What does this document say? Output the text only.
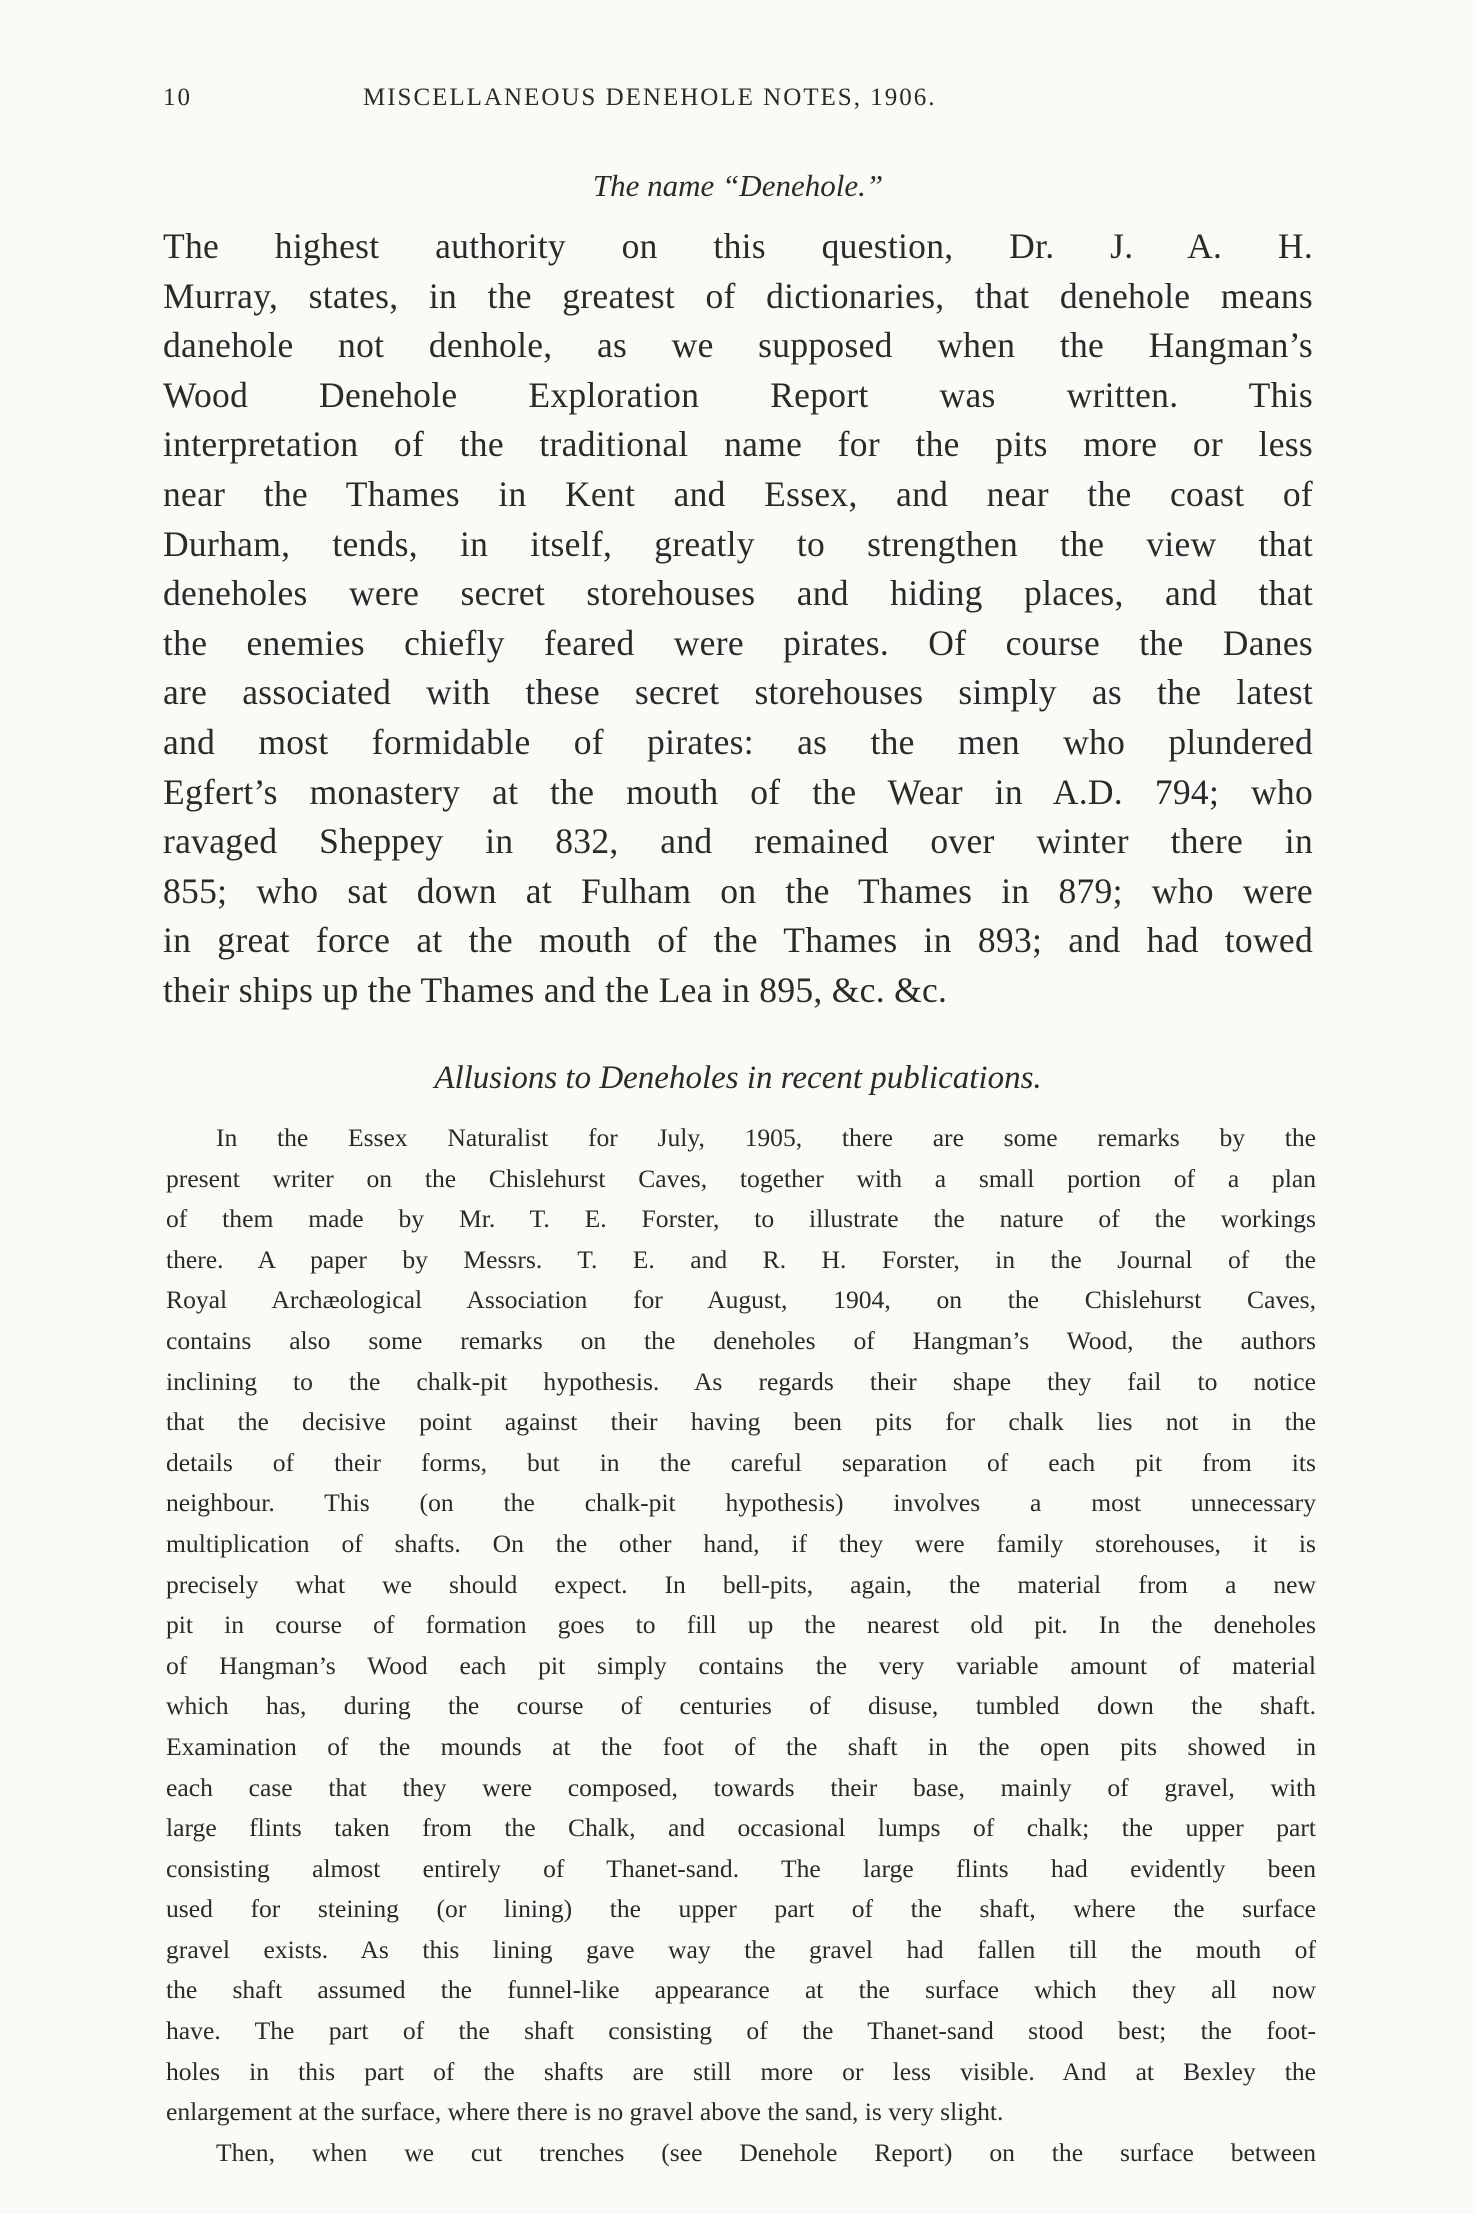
10	MISCELLANEOUS DENEHOLE NOTES, 1906.
The name “Denehole.”
The highest authority on this question, Dr. J. A. H.
Murray, states, in the greatest of dictionaries, that denehole means
danehole not denhole, as we supposed when the Hangman’s
Wood Denehole Exploration Report was written. This
interpretation of the traditional name for the pits more or less
near the Thames in Kent and Essex, and near the coast of
Durham, tends, in itself, greatly to strengthen the view that
deneholes were secret storehouses and hiding places, and that
the enemies chiefly feared were pirates. Of course the Danes
are associated with these secret storehouses simply as the latest
and most formidable of pirates: as the men who plundered
Egfert’s monastery at the mouth of the Wear in A.D. 794; who
ravaged Sheppey in 832, and remained over winter there in
855; who sat down at Fulham on the Thames in 879; who were
in great force at the mouth of the Thames in 893; and had towed
their ships up the Thames and the Lea in 895, &c. &c.
Allusions to Deneholes in recent publications.
In the Essex Naturalist for July, 1905, there are some remarks by the
present writer on the Chislehurst Caves, together with a small portion of a plan
of them made by Mr. T. E. Forster, to illustrate the nature of the workings
there. A paper by Messrs. T. E. and R. H. Forster, in the Journal of the
Royal Archæological Association for August, 1904, on the Chislehurst Caves,
contains also some remarks on the deneholes of Hangman’s Wood, the authors
inclining to the chalk-pit hypothesis. As regards their shape they fail to notice
that the decisive point against their having been pits for chalk lies not in the
details of their forms, but in the careful separation of each pit from its
neighbour. This (on the chalk-pit hypothesis) involves a most unnecessary
multiplication of shafts. On the other hand, if they were family storehouses, it is
precisely what we should expect. In bell-pits, again, the material from a new
pit in course of formation goes to fill up the nearest old pit. In the deneholes
of Hangman’s Wood each pit simply contains the very variable amount of material
which has, during the course of centuries of disuse, tumbled down the shaft.
Examination of the mounds at the foot of the shaft in the open pits showed in
each case that they were composed, towards their base, mainly of gravel, with
large flints taken from the Chalk, and occasional lumps of chalk; the upper part
consisting almost entirely of Thanet-sand. The large flints had evidently been
used for steining (or lining) the upper part of the shaft, where the surface
gravel exists. As this lining gave way the gravel had fallen till the mouth of
the shaft assumed the funnel-like appearance at the surface which they all now
have. The part of the shaft consisting of the Thanet-sand stood best; the foot-
holes in this part of the shafts are still more or less visible. And at Bexley the
enlargement at the surface, where there is no gravel above the sand, is very slight.
Then, when we cut trenches (see Denehole Report) on the surface between
